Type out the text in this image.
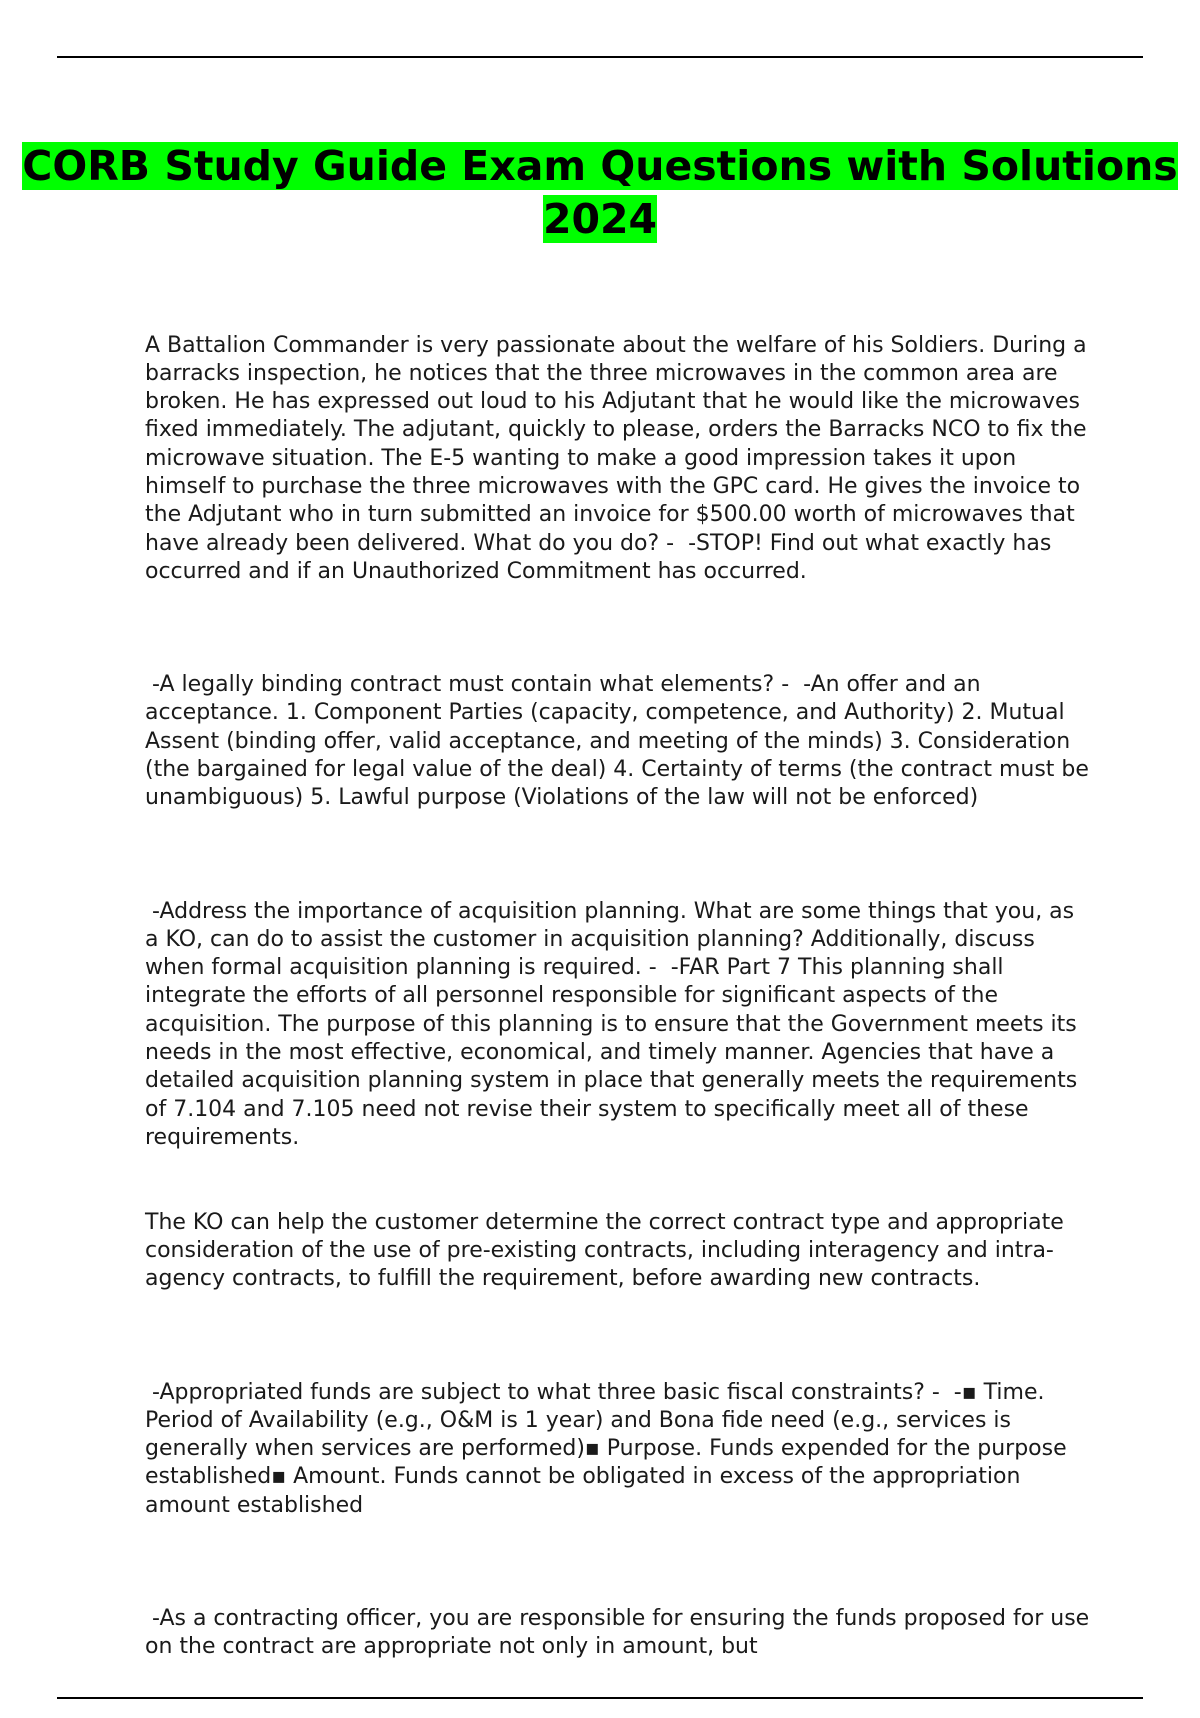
CORB Study Guide Exam Questions with Solutions 2024

A Battalion Commander is very passionate about the welfare of his Soldiers. During a barracks inspection, he notices that the three microwaves in the common area are broken. He has expressed out loud to his Adjutant that he would like the microwaves fixed immediately. The adjutant, quickly to please, orders the Barracks NCO to fix the microwave situation. The E-5 wanting to make a good impression takes it upon himself to purchase the three microwaves with the GPC card. He gives the invoice to the Adjutant who in turn submitted an invoice for $500.00 worth of microwaves that have already been delivered. What do you do? -  -STOP! Find out what exactly has occurred and if an Unauthorized Commitment has occurred.

-A legally binding contract must contain what elements? -  -An offer and an acceptance. 1. Component Parties (capacity, competence, and Authority) 2. Mutual Assent (binding offer, valid acceptance, and meeting of the minds) 3. Consideration (the bargained for legal value of the deal) 4. Certainty of terms (the contract must be unambiguous) 5. Lawful purpose (Violations of the law will not be enforced)

-Address the importance of acquisition planning. What are some things that you, as a KO, can do to assist the customer in acquisition planning? Additionally, discuss when formal acquisition planning is required. -  -FAR Part 7 This planning shall integrate the efforts of all personnel responsible for significant aspects of the acquisition. The purpose of this planning is to ensure that the Government meets its needs in the most effective, economical, and timely manner. Agencies that have a detailed acquisition planning system in place that generally meets the requirements of 7.104 and 7.105 need not revise their system to specifically meet all of these requirements.

The KO can help the customer determine the correct contract type and appropriate consideration of the use of pre-existing contracts, including interagency and intra-agency contracts, to fulfill the requirement, before awarding new contracts.

-Appropriated funds are subject to what three basic fiscal constraints? -  -▪ Time. Period of Availability (e.g., O&M is 1 year) and Bona fide need (e.g., services is generally when services are performed)▪ Purpose. Funds expended for the purpose established▪ Amount. Funds cannot be obligated in excess of the appropriation amount established

-As a contracting officer, you are responsible for ensuring the funds proposed for use on the contract are appropriate not only in amount, but
